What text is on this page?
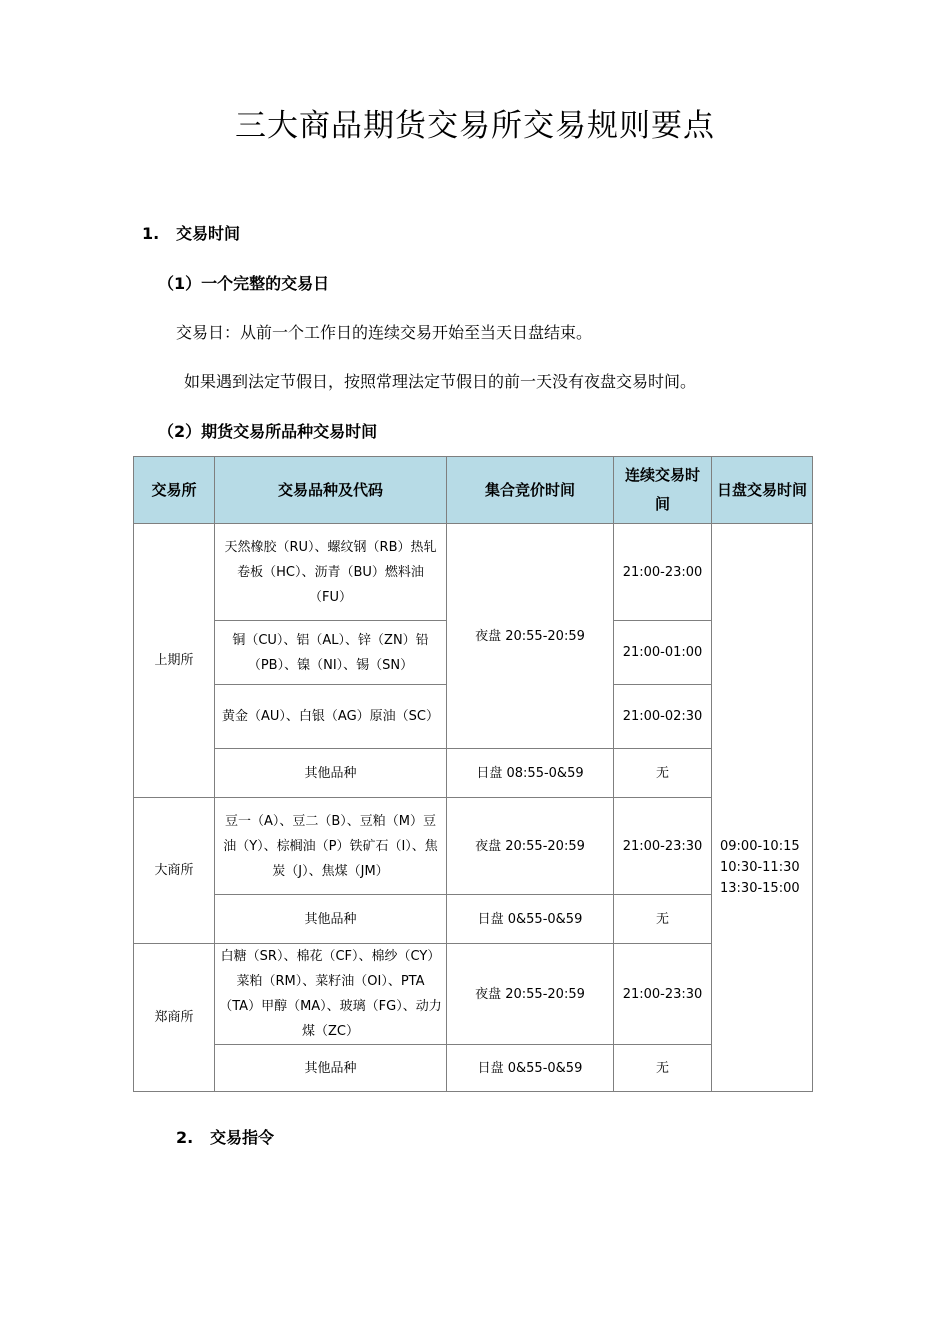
三大商品期货交易所交易规则要点
1. 交易时间
（1）一个完整的交易日
交易日：从前一个工作日的连续交易开始至当天日盘结束。
如果遇到法定节假日，按照常理法定节假日的前一天没有夜盘交易时间。
（2）期货交易所品种交易时间
交易所	交易品种及代码	集合竞价时间	连续交易时间	日盘交易时间
上期所	天然橡胶（RU）、螺纹钢（RB）热轧卷板（HC）、沥青（BU）燃料油（FU）	夜盘 20:55-20:59	21:00-23:00	09:00-10:15
10:30-11:30
13:30-15:00

	铜（CU）、铝（AL）、锌（ZN）铅（PB）、镍（NI）、锡（SN）		21:00-01:00	
	黄金（AU）、白银（AG）原油（SC）		21:00-02:30	
	其他品种	日盘 08:55-0&59	无	
大商所	豆一（A）、豆二（B）、豆粕（M）豆油（Y）、棕榈油（P）铁矿石（I）、焦炭（J）、焦煤（JM）	夜盘 20:55-20:59	21:00-23:30	
	其他品种	日盘 0&55-0&59	无	
郑商所	白糖（SR）、棉花（CF）、棉纱（CY）菜粕（RM）、菜籽油（OI）、PTA（TA）甲醇（MA）、玻璃（FG）、动力煤（ZC）	夜盘 20:55-20:59	21:00-23:30	
	其他品种	日盘 0&55-0&59	无	
2. 交易指令
